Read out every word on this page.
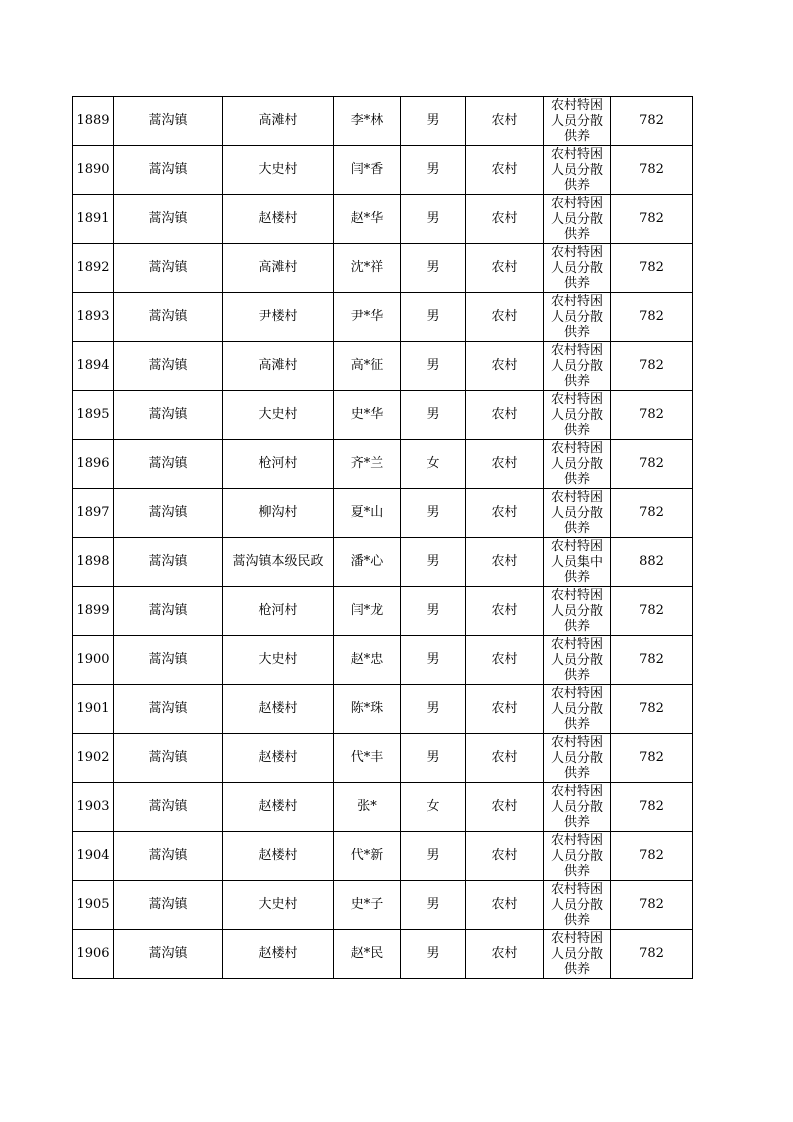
1889	蒿沟镇	高滩村	李*林	男	农村	农村特困人员分散供养	782
1890	蒿沟镇	大史村	闫*香	男	农村	农村特困人员分散供养	782
1891	蒿沟镇	赵楼村	赵*华	男	农村	农村特困人员分散供养	782
1892	蒿沟镇	高滩村	沈*祥	男	农村	农村特困人员分散供养	782
1893	蒿沟镇	尹楼村	尹*华	男	农村	农村特困人员分散供养	782
1894	蒿沟镇	高滩村	高*征	男	农村	农村特困人员分散供养	782
1895	蒿沟镇	大史村	史*华	男	农村	农村特困人员分散供养	782
1896	蒿沟镇	枪河村	齐*兰	女	农村	农村特困人员分散供养	782
1897	蒿沟镇	柳沟村	夏*山	男	农村	农村特困人员分散供养	782
1898	蒿沟镇	蒿沟镇本级民政	潘*心	男	农村	农村特困人员集中供养	882
1899	蒿沟镇	枪河村	闫*龙	男	农村	农村特困人员分散供养	782
1900	蒿沟镇	大史村	赵*忠	男	农村	农村特困人员分散供养	782
1901	蒿沟镇	赵楼村	陈*珠	男	农村	农村特困人员分散供养	782
1902	蒿沟镇	赵楼村	代*丰	男	农村	农村特困人员分散供养	782
1903	蒿沟镇	赵楼村	张*	女	农村	农村特困人员分散供养	782
1904	蒿沟镇	赵楼村	代*新	男	农村	农村特困人员分散供养	782
1905	蒿沟镇	大史村	史*子	男	农村	农村特困人员分散供养	782
1906	蒿沟镇	赵楼村	赵*民	男	农村	农村特困人员分散供养	782
